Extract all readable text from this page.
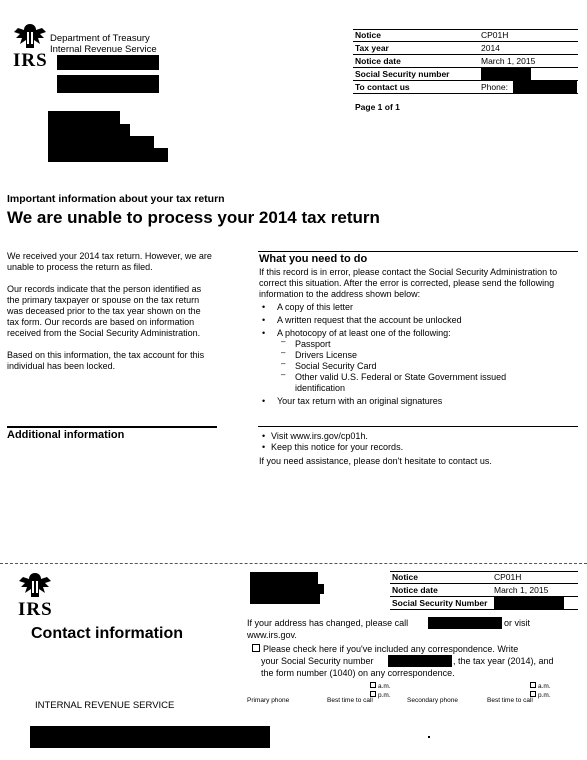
IRS
Department of Treasury
Internal Revenue Service
Notice	CP01H
Tax year	2014
Notice date	March 1, 2015
Social Security number
To contact us	Phone:
Page 1 of 1
Important information about your tax return
We are unable to process your 2014 tax return

We received your 2014 tax return. However, we are unable to process the return as filed.

Our records indicate that the person identified as the primary taxpayer or spouse on the tax return was deceased prior to the tax year shown on the tax form. Our records are based on information received from the Social Security Administration.

Based on this information, the tax account for this individual has been locked.

What you need to do

If this record is in error, please contact the Social Security Administration to correct this situation. After the error is corrected, please send the following information to the address shown below:

• A copy of this letter
• A written request that the account be unlocked
• A photocopy of at least one of the following:
– Passport
– Drivers License
– Social Security Card
– Other valid U.S. Federal or State Government issued identification
• Your tax return with an original signatures
Additional information
•	Visit www.irs.gov/cp01h.
• Keep this notice for your records.

If you need assistance, please don't hesitate to contact us.

IRS
Contact information
INTERNAL REVENUE SERVICE
Notice	CP01H
Notice date	March 1, 2015
Social Security Number
If your address has changed, please call	or visit
www.irs.gov.
Please check here if you've included any correspondence. Write
your Social Security number	, the tax year (2014), and
the form number (1040) on any correspondence.
a.m.
p.m.
a.m.
p.m.
Primary phone	Best time to call	Secondary phone	Best time to call
